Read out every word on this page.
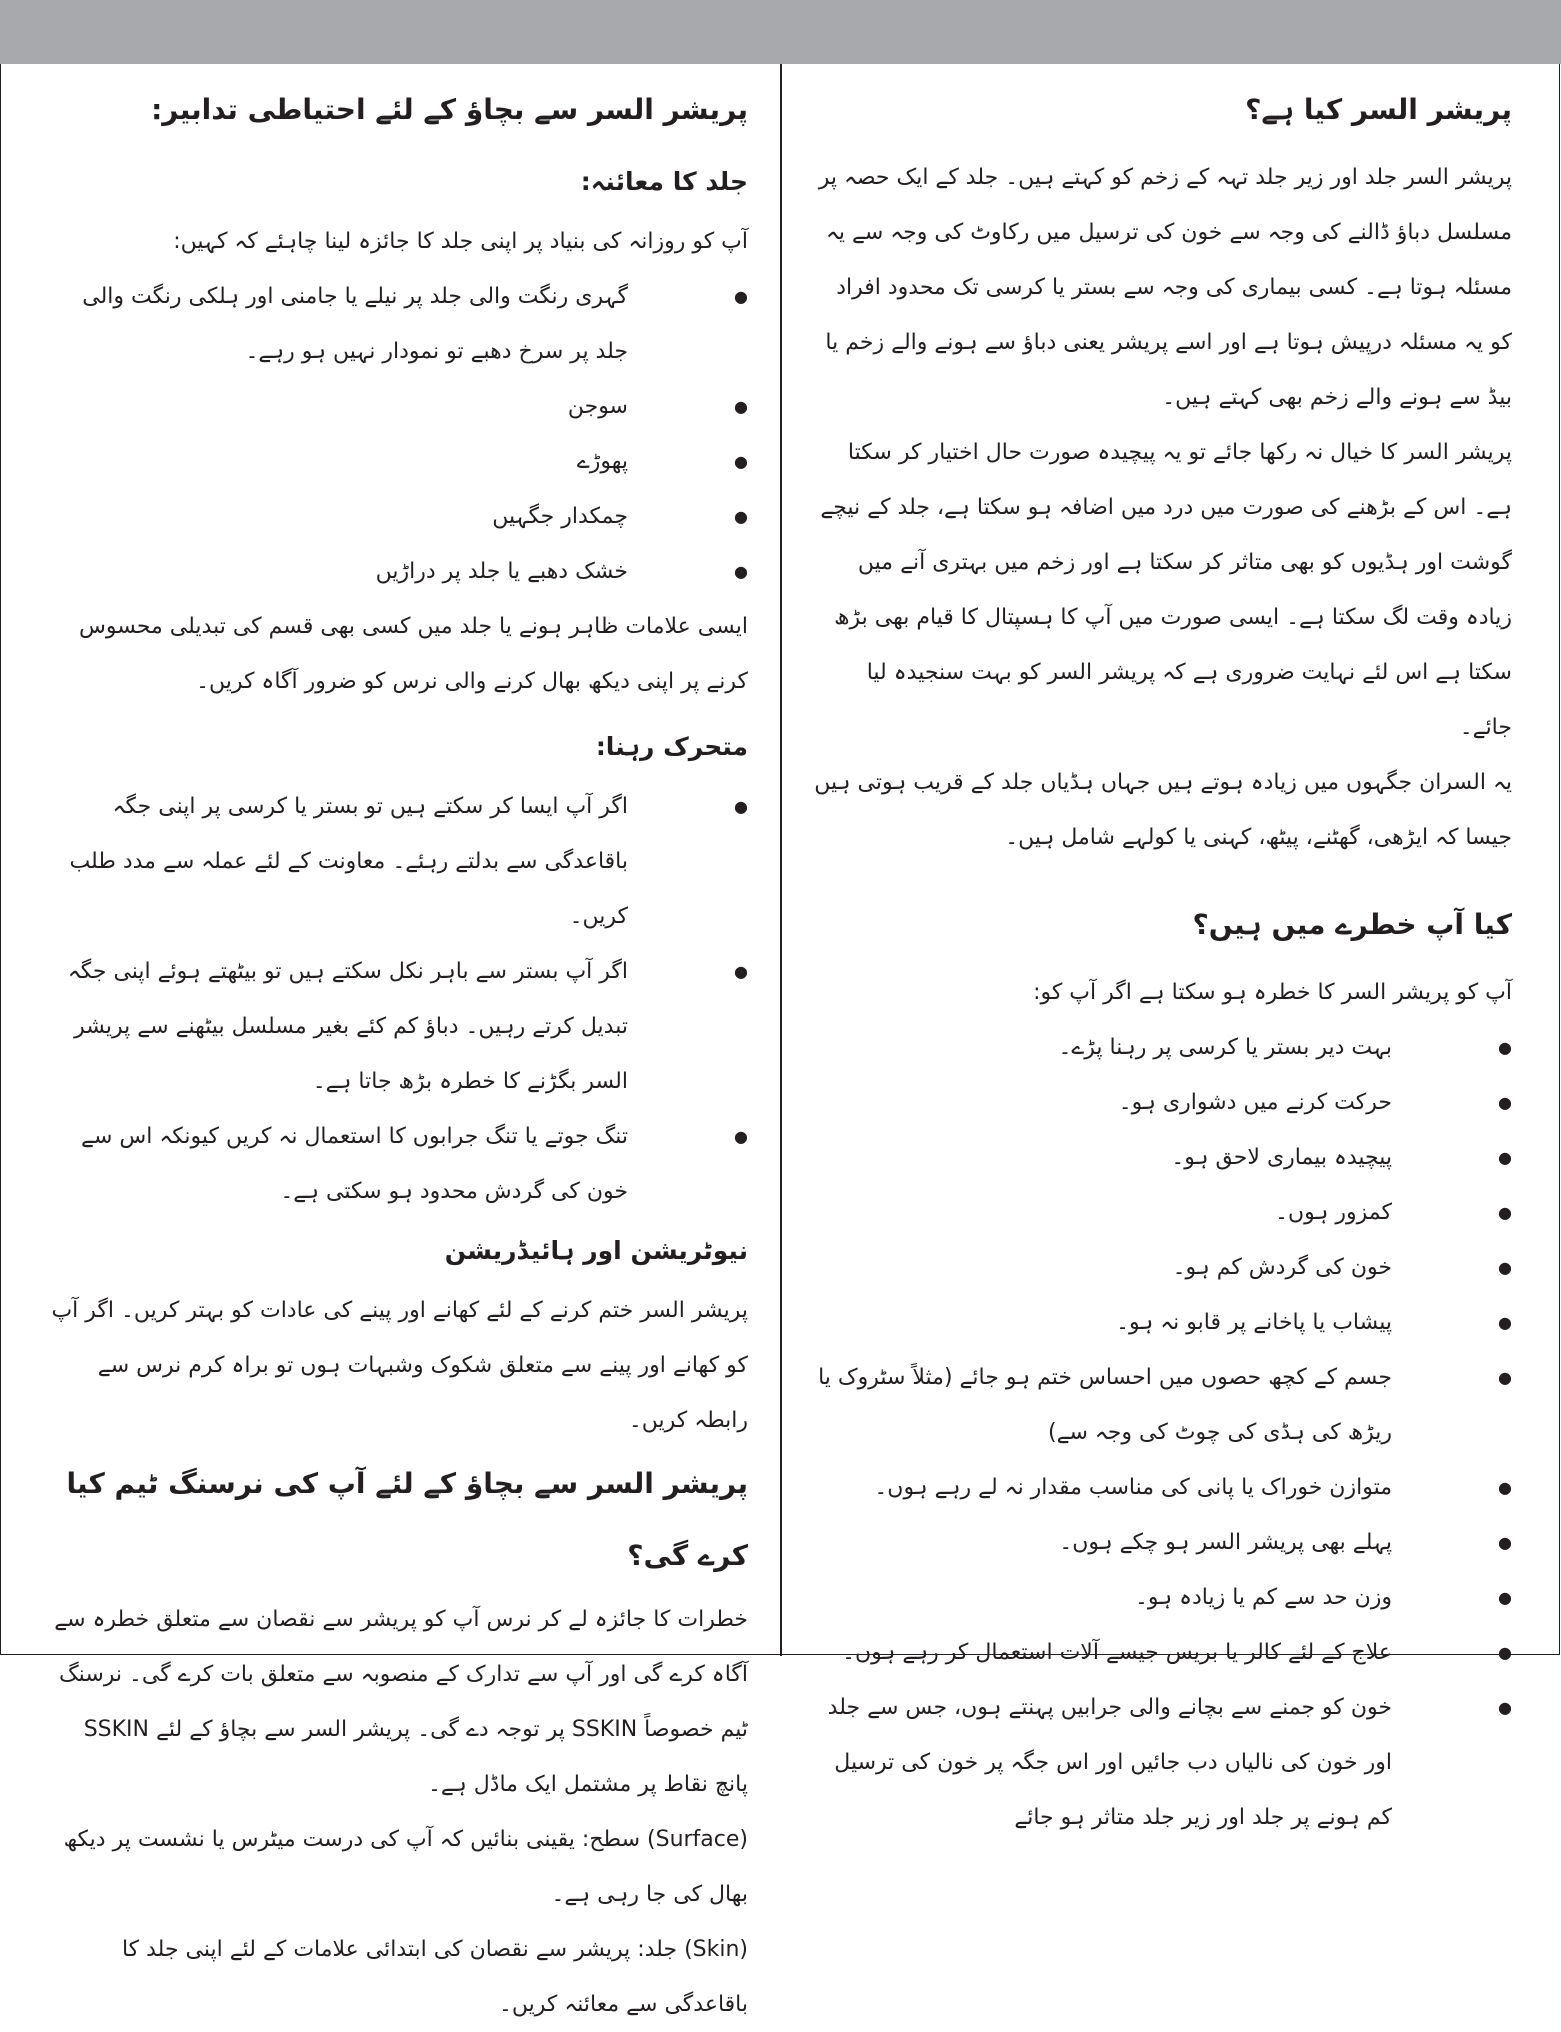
پریشر السر کیا ہے؟

پریشر السر جلد اور زیر جلد تہہ کے زخم کو کہتے ہیں۔ جلد کے ایک حصہ پر مسلسل دباؤ ڈالنے کی وجہ سے خون کی ترسیل میں رکاوٹ کی وجہ سے یہ مسئلہ ہوتا ہے۔ کسی بیماری کی وجہ سے بستر یا کرسی تک محدود افراد کو یہ مسئلہ درپیش ہوتا ہے اور اسے پریشر یعنی دباؤ سے ہونے والے زخم یا بیڈ سے ہونے والے زخم بھی کہتے ہیں۔

پریشر السر کا خیال نہ رکھا جائے تو یہ پیچیدہ صورت حال اختیار کر سکتا ہے۔ اس کے بڑھنے کی صورت میں درد میں اضافہ ہو سکتا ہے، جلد کے نیچے گوشت اور ہڈیوں کو بھی متاثر کر سکتا ہے اور زخم میں بہتری آنے میں زیادہ وقت لگ سکتا ہے۔ ایسی صورت میں آپ کا ہسپتال کا قیام بھی بڑھ سکتا ہے اس لئے نہایت ضروری ہے کہ پریشر السر کو بہت سنجیدہ لیا جائے۔

یہ السران جگہوں میں زیادہ ہوتے ہیں جہاں ہڈیاں جلد کے قریب ہوتی ہیں جیسا کہ ایڑھی، گھٹنے، پیٹھ، کہنی یا کولہے شامل ہیں۔

کیا آپ خطرے میں ہیں؟

آپ کو پریشر السر کا خطرہ ہو سکتا ہے اگر آپ کو:

● بہت دیر بستر یا کرسی پر رہنا پڑے۔
● حرکت کرنے میں دشواری ہو۔
● پیچیدہ بیماری لاحق ہو۔
● کمزور ہوں۔
● خون کی گردش کم ہو۔
● پیشاب یا پاخانے پر قابو نہ ہو۔
● جسم کے کچھ حصوں میں احساس ختم ہو جائے (مثلاً سٹروک یا ریڑھ کی ہڈی کی چوٹ کی وجہ سے)
● متوازن خوراک یا پانی کی مناسب مقدار نہ لے رہے ہوں۔
● پہلے بھی پریشر السر ہو چکے ہوں۔
● وزن حد سے کم یا زیادہ ہو۔
● علاج کے لئے کالر یا بریس جیسے آلات استعمال کر رہے ہوں۔
● خون کو جمنے سے بچانے والی جرابیں پہنتے ہوں، جس سے جلد اور خون کی نالیاں دب جائیں اور اس جگہ پر خون کی ترسیل کم ہونے پر جلد اور زیر جلد متاثر ہو جائے
پریشر السر سے بچاؤ کے لئے احتیاطی تدابیر:
جلد کا معائنہ:

آپ کو روزانہ کی بنیاد پر اپنی جلد کا جائزہ لینا چاہئے کہ کہیں:

● گہری رنگت والی جلد پر نیلے یا جامنی اور ہلکی رنگت والی جلد پر سرخ دھبے تو نمودار نہیں ہو رہے۔
● سوجن
● پھوڑے
● چمکدار جگہیں
● خشک دھبے یا جلد پر دراڑیں

ایسی علامات ظاہر ہونے یا جلد میں کسی بھی قسم کی تبدیلی محسوس کرنے پر اپنی دیکھ بھال کرنے والی نرس کو ضرور آگاہ کریں۔

متحرک رہنا:
● اگر آپ ایسا کر سکتے ہیں تو بستر یا کرسی پر اپنی جگہ باقاعدگی سے بدلتے رہئے۔ معاونت کے لئے عملہ سے مدد طلب کریں۔
● اگر آپ بستر سے باہر نکل سکتے ہیں تو بیٹھتے ہوئے اپنی جگہ تبدیل کرتے رہیں۔ دباؤ کم کئے بغیر مسلسل بیٹھنے سے پریشر السر بگڑنے کا خطرہ بڑھ جاتا ہے۔
● تنگ جوتے یا تنگ جرابوں کا استعمال نہ کریں کیونکہ اس سے خون کی گردش محدود ہو سکتی ہے۔
نیوٹریشن اور ہائیڈریشن

پریشر السر ختم کرنے کے لئے کھانے اور پینے کی عادات کو بہتر کریں۔ اگر آپ کو کھانے اور پینے سے متعلق شکوک وشبہات ہوں تو براہ کرم نرس سے رابطہ کریں۔

پریشر السر سے بچاؤ کے لئے آپ کی نرسنگ ٹیم کیا کرے گی؟

خطرات کا جائزہ لے کر نرس آپ کو پریشر سے نقصان سے متعلق خطرہ سے آگاہ کرے گی اور آپ سے تدارک کے منصوبہ سے متعلق بات کرے گی۔ نرسنگ ٹیم خصوصاً SSKIN پر توجہ دے گی۔ پریشر السر سے بچاؤ کے لئے SSKIN پانچ نقاط پر مشتمل ایک ماڈل ہے۔

(Surface) سطح: یقینی بنائیں کہ آپ کی درست میٹرس یا نشست پر دیکھ بھال کی جا رہی ہے۔

(Skin) جلد: پریشر سے نقصان کی ابتدائی علامات کے لئے اپنی جلد کا باقاعدگی سے معائنہ کریں۔
